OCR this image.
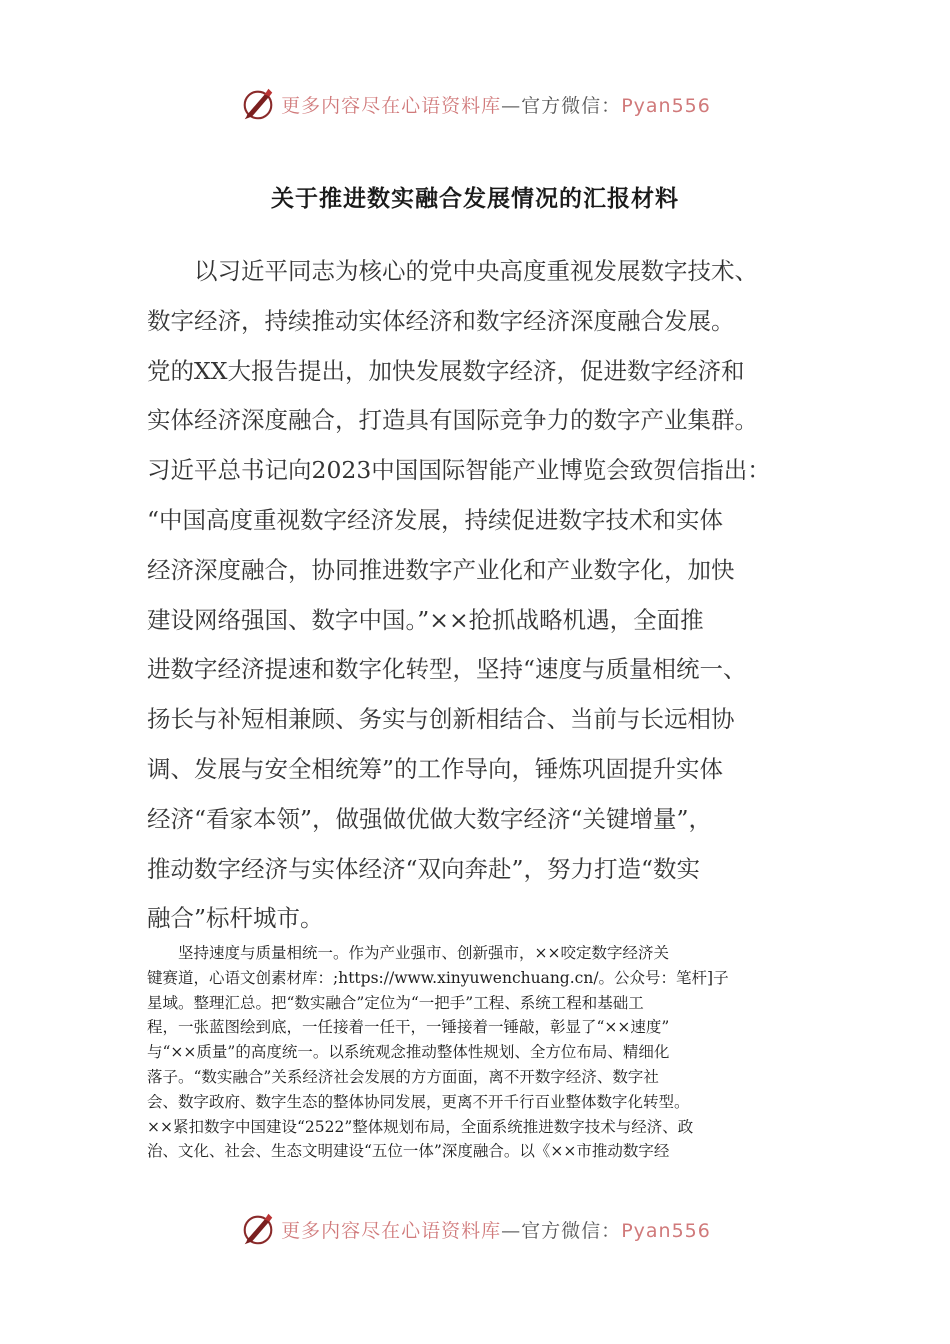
更多内容尽在心语资料库—官方微信：Pyan556
关于推进数实融合发展情况的汇报材料
　　以习近平同志为核心的党中央高度重视发展数字技术、
数字经济，持续推动实体经济和数字经济深度融合发展。
党的XX大报告提出，加快发展数字经济，促进数字经济和
实体经济深度融合，打造具有国际竞争力的数字产业集群。
习近平总书记向2023中国国际智能产业博览会致贺信指出：
“中国高度重视数字经济发展，持续促进数字技术和实体
经济深度融合，协同推进数字产业化和产业数字化，加快
建设网络强国、数字中国。”××抢抓战略机遇，全面推
进数字经济提速和数字化转型，坚持“速度与质量相统一、
扬长与补短相兼顾、务实与创新相结合、当前与长远相协
调、发展与安全相统筹”的工作导向，锤炼巩固提升实体
经济“看家本领”，做强做优做大数字经济“关键增量”，
推动数字经济与实体经济“双向奔赴”，努力打造“数实
融合”标杆城市。
　　坚持速度与质量相统一。作为产业强市、创新强市，××咬定数字经济关
键赛道，心语文创素材库：;https://www.xinyuwenchuang.cn/。公众号：笔杆]子
星域。整理汇总。把“数实融合”定位为“一把手”工程、系统工程和基础工
程，一张蓝图绘到底，一任接着一任干，一锤接着一锤敲，彰显了“××速度”
与“××质量”的高度统一。以系统观念推动整体性规划、全方位布局、精细化
落子。“数实融合”关系经济社会发展的方方面面，离不开数字经济、数字社
会、数字政府、数字生态的整体协同发展，更离不开千行百业整体数字化转型。
××紧扣数字中国建设“2522”整体规划布局，全面系统推进数字技术与经济、政
治、文化、社会、生态文明建设“五位一体”深度融合。以《××市推动数字经
更多内容尽在心语资料库—官方微信：Pyan556
